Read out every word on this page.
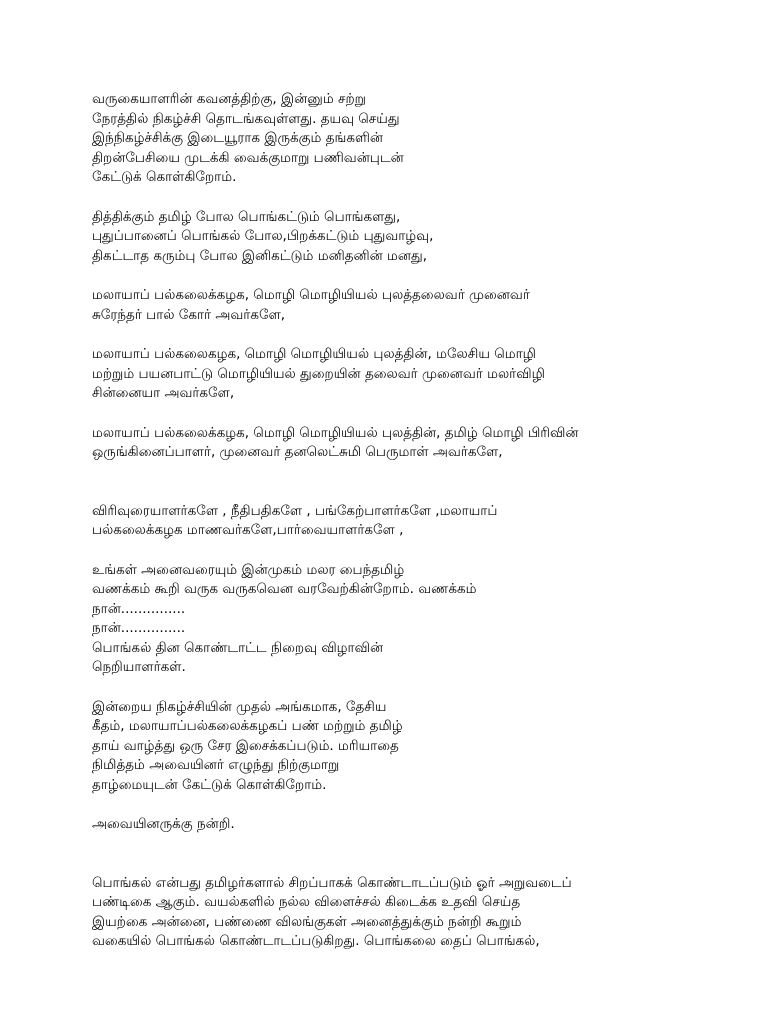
வருகையாளரின் கவனத்திற்கு, இன்னும் சற்று
நேரத்தில் நிகழ்ச்சி தொடங்கவுள்ளது. தயவு செய்து
இந்நிகழ்ச்சிக்கு இடையூராக இருக்கும் தங்களின்
திறன்பேசியை முடக்கி வைக்குமாறு பணிவன்புடன்
கேட்டுக் கொள்கிறோம்.
தித்திக்கும் தமிழ் போல பொங்கட்டும் பொங்களது,
புதுப்பானைப் பொங்கல் போல,பிறக்கட்டும் புதுவாழ்வு,
திகட்டாத கரும்பு போல இனிகட்டும் மனிதனின் மனது,
மலாயாப் பல்கலைக்கழக, மொழி மொழியியல் புலத்தலைவர் முனைவர்
சுரேந்தர் பால் கோர் அவர்களே,
மலாயாப் பல்கலைகழக, மொழி மொழியியல் புலத்தின், மலேசிய மொழி
மற்றும் பயனபாட்டு மொழியியல் துறையின் தலைவர் முனைவர் மலர்விழி
சின்னையா அவர்களே,
மலாயாப் பல்கலைக்கழக, மொழி மொழியியல் புலத்தின், தமிழ் மொழி பிரிவின்
ஒருங்கினைப்பாளர், முனைவர் தனலெட்சுமி பெருமாள் அவர்களே,
விரிவுரையாளர்களே , நீதிபதிகளே , பங்கேற்பாளர்களே ,மலாயாப்
பல்கலைக்கழக மாணவர்களே,பார்வையாளர்களே ,
உங்கள் அனைவரையும் இன்முகம் மலர பைந்தமிழ்
வணக்கம் கூறி வருக வருகவென வரவேற்கின்றோம். வணக்கம்
நான்...............
நான்...............
பொங்கல் தின கொண்டாட்ட நிறைவு விழாவின்
நெறியாளர்கள்.
இன்றைய நிகழ்ச்சியின் முதல் அங்கமாக, தேசிய
கீதம், மலாயாப்பல்கலைக்கழகப் பண் மற்றும் தமிழ்
தாய் வாழ்த்து ஒரு சேர இசைக்கப்படும். மரியாதை
நிமித்தம் அவையினர் எழுந்து நிற்குமாறு
தாழ்மையுடன் கேட்டுக் கொள்கிறோம்.
அவையினருக்கு நன்றி.
பொங்கல் என்பது தமிழர்களால் சிறப்பாகக் கொண்டாடப்படும் ஓர் அறுவடைப்
பண்டிகை ஆகும். வயல்களில் நல்ல விளைச்சல் கிடைக்க உதவி செய்த
இயற்கை அன்னை, பண்ணை விலங்குகள் அனைத்துக்கும் நன்றி கூறும்
வகையில் பொங்கல் கொண்டாடப்படுகிறது. பொங்கலை தைப் பொங்கல்,
